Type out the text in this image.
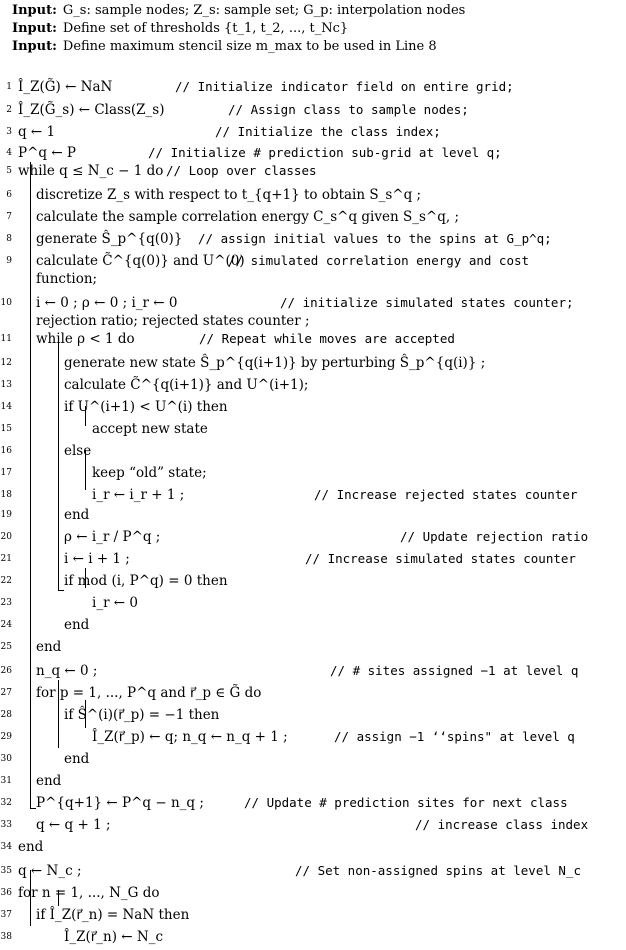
Input: G_s: sample nodes; Z_s: sample set; G_p: interpolation nodes
Input: Define set of thresholds {t_1, t_2, ..., t_Nc}
Input: Define maximum stencil size m_max to be used in Line 8
1 Î_Z(G̃) ← NaN	// Initialize indicator field on entire grid;
2 Î_Z(G̃_s) ← Class(Z_s)	// Assign class to sample nodes;
3 q ← 1	// Initialize the class index;
4 P^q ← P	// Initialize # prediction sub-grid at level q;
5 while q ≤ N_c − 1 do // Loop over classes
6 discretize Z_s with respect to t_{q+1} to obtain S_s^q ;
7 calculate the sample correlation energy C_s^q given S_s^q, ;
8 generate Ŝ_p^{q(0)} // assign initial values to the spins at G_p^q;
9 calculate C̃^{q(0)} and U^(0)
// simulated correlation energy and cost
function;
10 i ← 0 ; ρ ← 0 ; i_r ← 0	// initialize simulated states counter;
rejection ratio; rejected states counter ;
11 while ρ < 1 do	// Repeat while moves are accepted
12	generate new state Ŝ_p^{q(i+1)} by perturbing Ŝ_p^{q(i)} ;
13	calculate C̃^{q(i+1)} and U^(i+1);
14	if U^(i+1) < U^(i) then
15	accept new state
16	else
17	keep “old” state;
18	i_r ← i_r + 1 ;	// Increase rejected states counter
19	end
20	ρ ← i_r / P^q ;	// Update rejection ratio
21	i ← i + 1 ;	// Increase simulated states counter
22	if mod (i, P^q) = 0 then
23	i_r ← 0
24	end
25 end
26 n_q ← 0 ;	// # sites assigned −1 at level q
27 for p = 1, ..., P^q and r⃗_p ∈ G̃ do
28	if Ŝ^(i)(r⃗_p) = −1 then
29	Î_Z(r⃗_p) ← q; n_q ← n_q + 1 ;	// assign −1 ‘‘spins" at level q
30	end
31 end
32 P^{q+1} ← P^q − n_q ;	// Update # prediction sites for next class
33 q ← q + 1 ;	// increase class index
34 end
35 q ← N_c ;	// Set non-assigned spins at level N_c
36 for n = 1, ..., N_G do
37 if Î_Z(r⃗_n) = NaN then
38	Î_Z(r⃗_n) ← N_c
